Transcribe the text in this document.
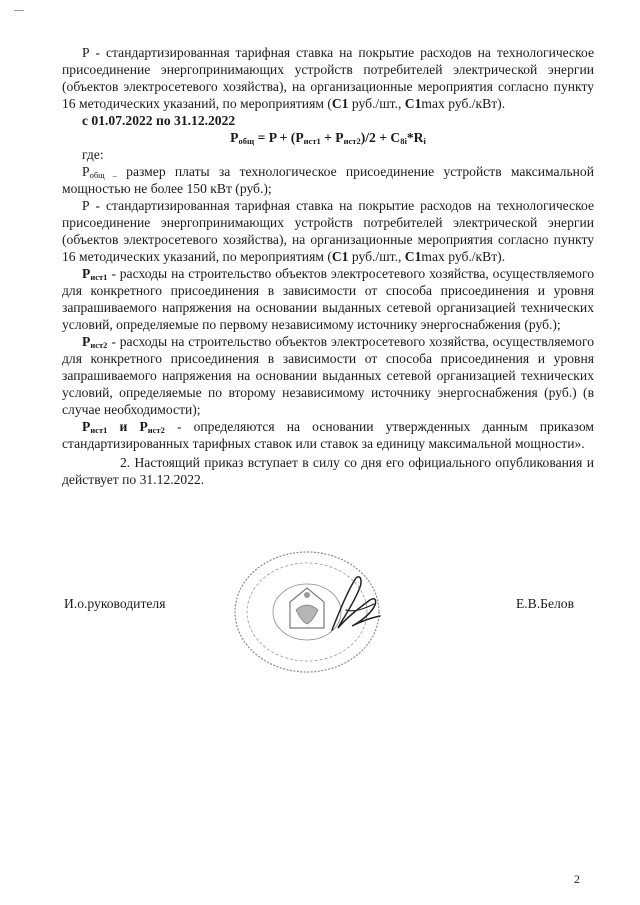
Р - стандартизированная тарифная ставка на покрытие расходов на технологическое присоединение энергопринимающих устройств потребителей электрической энергии (объектов электросетевого хозяйства), на организационные мероприятия согласно пункту 16 методических указаний, по мероприятиям (С1 руб./шт., С1max руб./кВт).

с 01.07.2022 по 31.12.2022

$P_{общ} = P + (P_{ист1} + P_{ист2})/2 + C_{8i}*R_i$

где:

$Р_{общ -}$ размер платы за технологическое присоединение устройств максимальной мощностью не более 150 кВт (руб.);

Р - стандартизированная тарифная ставка на покрытие расходов на технологическое присоединение энергопринимающих устройств потребителей электрической энергии (объектов электросетевого хозяйства), на организационные мероприятия согласно пункту 16 методических указаний, по мероприятиям (С1 руб./шт., С1max руб./кВт).

$Р_{ист1}$ - расходы на строительство объектов электросетевого хозяйства, осуществляемого для конкретного присоединения в зависимости от способа присоединения и уровня запрашиваемого напряжения на основании выданных сетевой организацией технических условий, определяемые по первому независимому источнику энергоснабжения (руб.);

$Р_{ист2}$ - расходы на строительство объектов электросетевого хозяйства, осуществляемого для конкретного присоединения в зависимости от способа присоединения и уровня запрашиваемого напряжения на основании выданных сетевой организацией технических условий, определяемые по второму независимому источнику энергоснабжения (руб.) (в случае необходимости);

$Р_{ист1}$ и $Р_{ист2}$ - определяются на основании утвержденных данным приказом стандартизированных тарифных ставок или ставок за единицу максимальной мощности».

2. Настоящий приказ вступает в силу со дня его официального опубликования и действует по 31.12.2022.

И.о.руководителя	Е.В.Белов
2
